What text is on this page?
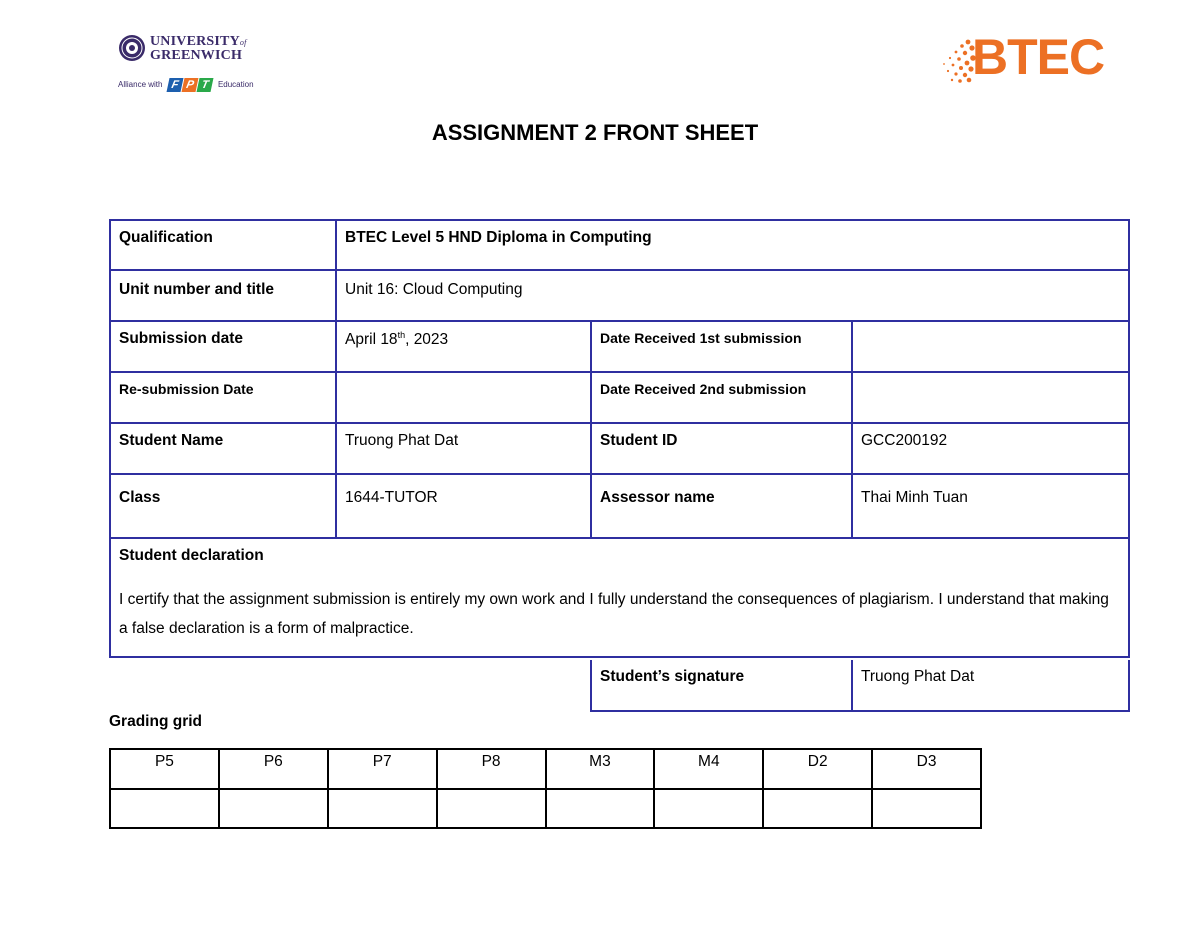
UNIVERSITYof
GREENWICH
Alliance with F P T Education	BTEC
ASSIGNMENT 2 FRONT SHEET
Qualification	BTEC Level 5 HND Diploma in Computing		
Unit number and title	Unit 16: Cloud Computing		
Submission date	April 18th, 2023	Date Received 1st submission	
Re-submission Date		Date Received 2nd submission	
Student Name	Truong Phat Dat	Student ID	GCC200192
Class	1644-TUTOR	Assessor name	Thai Minh Tuan

Student declaration
I certify that the assignment submission is entirely my own work and I fully understand the consequences of plagiarism. I understand that making a false declaration is a form of malpractice.			
Student’s signature	Truong Phat Dat
Grading grid
P5	P6	P7	P8	M3	M4	D2	D3
